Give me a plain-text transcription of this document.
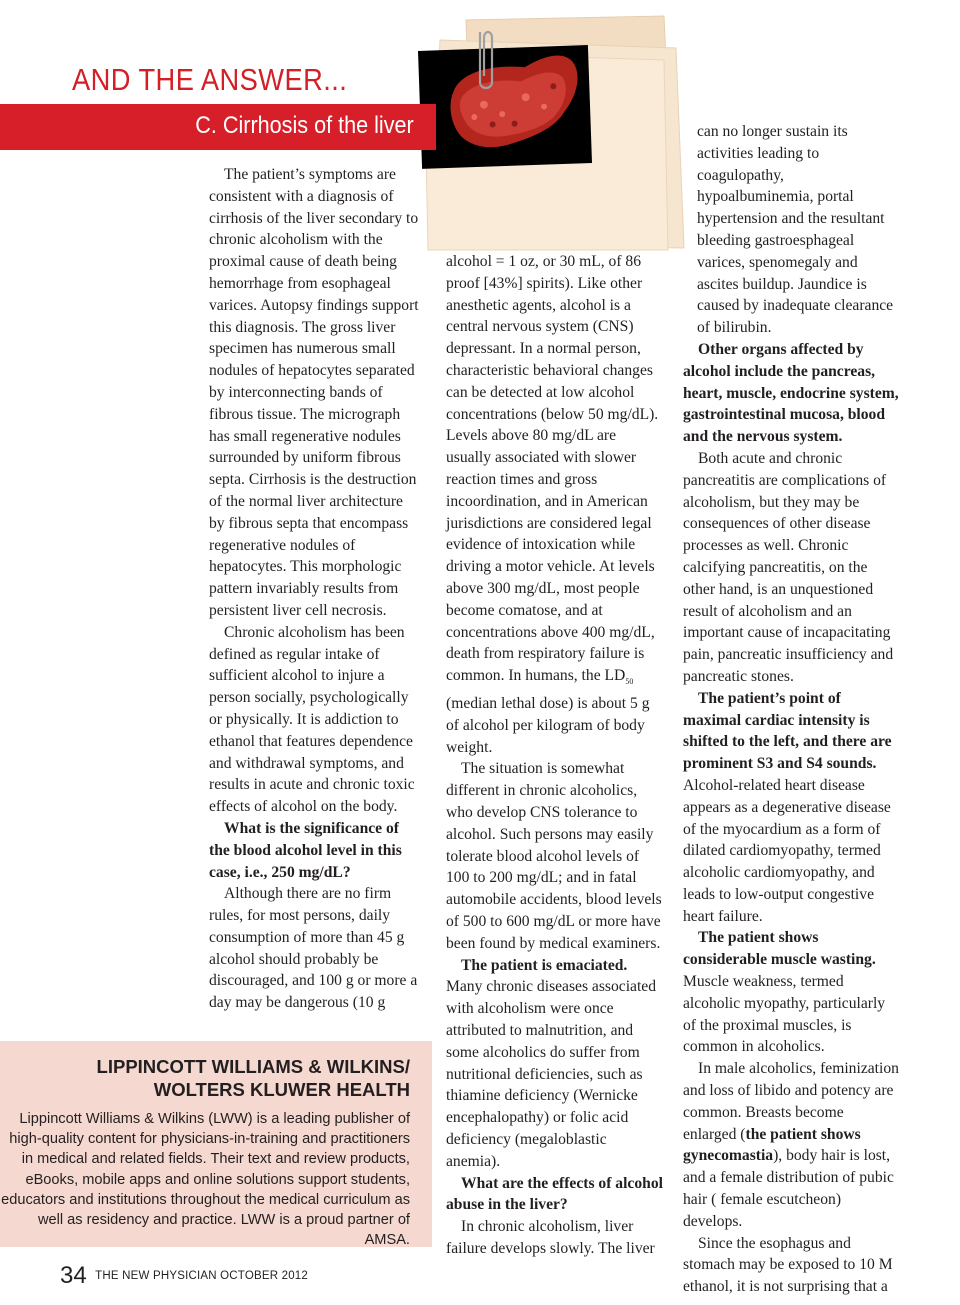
AND THE ANSWER...
C. Cirrhosis of the liver

The patient’s symptoms are consistent with a diagnosis of cirrhosis of the liver secondary to chronic alcoholism with the proximal cause of death being hemorrhage from esophageal varices. Autopsy findings support this diagnosis. The gross liver specimen has numerous small nodules of hepatocytes separated by interconnecting bands of fibrous tissue. The micrograph has small regenerative nodules surrounded by uniform fibrous septa. Cirrhosis is the destruction of the normal liver architecture by fibrous septa that encompass regenerative nodules of hepatocytes. This morphologic pattern invariably results from persistent liver cell necrosis.

Chronic alcoholism has been defined as regular intake of sufficient alcohol to injure a person socially, psychologically or physically. It is addiction to ethanol that features dependence and withdrawal symptoms, and results in acute and chronic toxic effects of alcohol on the body.

What is the significance of the blood alcohol level in this case, i.e., 250 mg/dL?

Although there are no firm rules, for most persons, daily consumption of more than 45 g alcohol should probably be discouraged, and 100 g or more a day may be dangerous (10 g

alcohol = 1 oz, or 30 mL, of 86 proof [43%] spirits). Like other anesthetic agents, alcohol is a central nervous system (CNS) depressant. In a normal person, characteristic behavioral changes can be detected at low alcohol concentrations (below 50 mg/dL). Levels above 80 mg/dL are usually associated with slower reaction times and gross incoordination, and in American jurisdictions are considered legal evidence of intoxication while driving a motor vehicle. At levels above 300 mg/dL, most people become comatose, and at concentrations above 400 mg/dL, death from respiratory failure is common. In humans, the $LD_{50}$ (median lethal dose) is about 5 g of alcohol per kilogram of body weight.

The situation is somewhat different in chronic alcoholics, who develop CNS tolerance to alcohol. Such persons may easily tolerate blood alcohol levels of 100 to 200 mg/dL; and in fatal automobile accidents, blood levels of 500 to 600 mg/dL or more have been found by medical examiners.

The patient is emaciated.

Many chronic diseases associated with alcoholism were once attributed to malnutrition, and some alcoholics do suffer from nutritional deficiencies, such as thiamine deficiency (Wernicke encephalopathy) or folic acid deficiency (megaloblastic anemia).

What are the effects of alcohol abuse in the liver?

In chronic alcoholism, liver failure develops slowly. The liver

can no longer sustain its activities leading to coagulopathy, hypoalbuminemia, portal hypertension and the resultant bleeding gastroesphageal varices, spenomegaly and ascites buildup. Jaundice is caused by inadequate clearance of bilirubin.

Other organs affected by alcohol include the pancreas, heart, muscle, endocrine system, gastrointestinal mucosa, blood and the nervous system.

Both acute and chronic pancreatitis are complications of alcoholism, but they may be consequences of other disease processes as well. Chronic calcifying pancreatitis, on the other hand, is an unquestioned result of alcoholism and an important cause of incapacitating pain, pancreatic insufficiency and pancreatic stones.

The patient’s point of maximal cardiac intensity is shifted to the left, and there are prominent S3 and S4 sounds. Alcohol-related heart disease appears as a degenerative disease of the myocardium as a form of dilated cardiomyopathy, termed alcoholic cardiomyopathy, and leads to low-output congestive heart failure.

The patient shows considerable muscle wasting. Muscle weakness, termed alcoholic myopathy, particularly of the proximal muscles, is common in alcoholics.

In male alcoholics, feminization and loss of libido and potency are common. Breasts become enlarged (the patient shows gynecomastia), body hair is lost, and a female distribution of pubic hair ( female escutcheon) develops.

Since the esophagus and stomach may be exposed to 10 M ethanol, it is not surprising that a

LIPPINCOTT WILLIAMS & WILKINS/
WOLTERS KLUWER HEALTH
Lippincott Williams & Wilkins (LWW) is a leading publisher of high-quality content for physicians-in-training and practitioners in medical and related fields. Their text and review products, eBooks, mobile apps and online solutions support students, educators and institutions throughout the medical curriculum as well as residency and practice. LWW is a proud partner of AMSA.
34 THE NEW PHYSICIAN OCTOBER 2012
